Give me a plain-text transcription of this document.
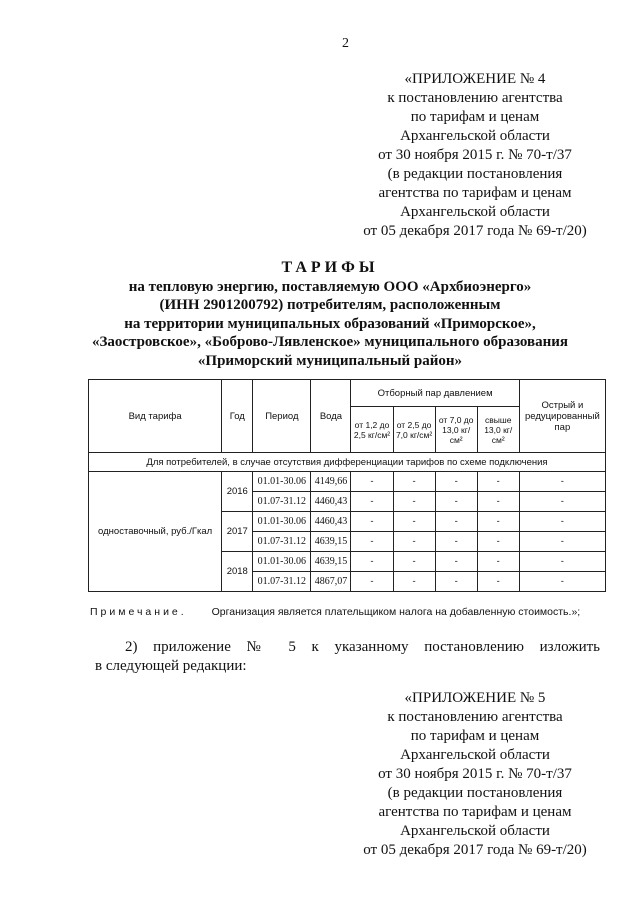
2
«ПРИЛОЖЕНИЕ № 4
к постановлению агентства
по тарифам и ценам
Архангельской области
от 30 ноября 2015 г. № 70-т/37
(в редакции постановления
агентства по тарифам и ценам
Архангельской области
от 05 декабря 2017 года № 69-т/20)
ТАРИФЫ
на тепловую энергию, поставляемую ООО «Архбиоэнерго»
(ИНН 2901200792) потребителям, расположенным
на территории муниципальных образований «Приморское»,
«Заостровское», «Боброво-Лявленское» муниципального образования
«Приморский муниципальный район»
Вид тарифа	Год	Период	Вода	Отборный пар давлением				Острый и редуцированный пар
				от 1,2 до 2,5 кг/см²	от 2,5 до 7,0 кг/см²	от 7,0 до 13,0 кг/см²	свыше 13,0 кг/см²	
Для потребителей, в случае отсутствия дифференциации тарифов по схеме подключения								
одноставочный, руб./Гкал	2016	01.01-30.06	4149,66	-	-	-	-	-
		01.07-31.12	4460,43	-	-	-	-	-
	2017	01.01-30.06	4460,43	-	-	-	-	-
		01.07-31.12	4639,15	-	-	-	-	-
	2018	01.01-30.06	4639,15	-	-	-	-	-
		01.07-31.12	4867,07	-	-	-	-	-
Примечание. Организация является плательщиком налога на добавленную стоимость.»;
2) приложение № 5 к указанному постановлению изложить
в следующей редакции:
«ПРИЛОЖЕНИЕ № 5
к постановлению агентства
по тарифам и ценам
Архангельской области
от 30 ноября 2015 г. № 70-т/37
(в редакции постановления
агентства по тарифам и ценам
Архангельской области
от 05 декабря 2017 года № 69-т/20)
